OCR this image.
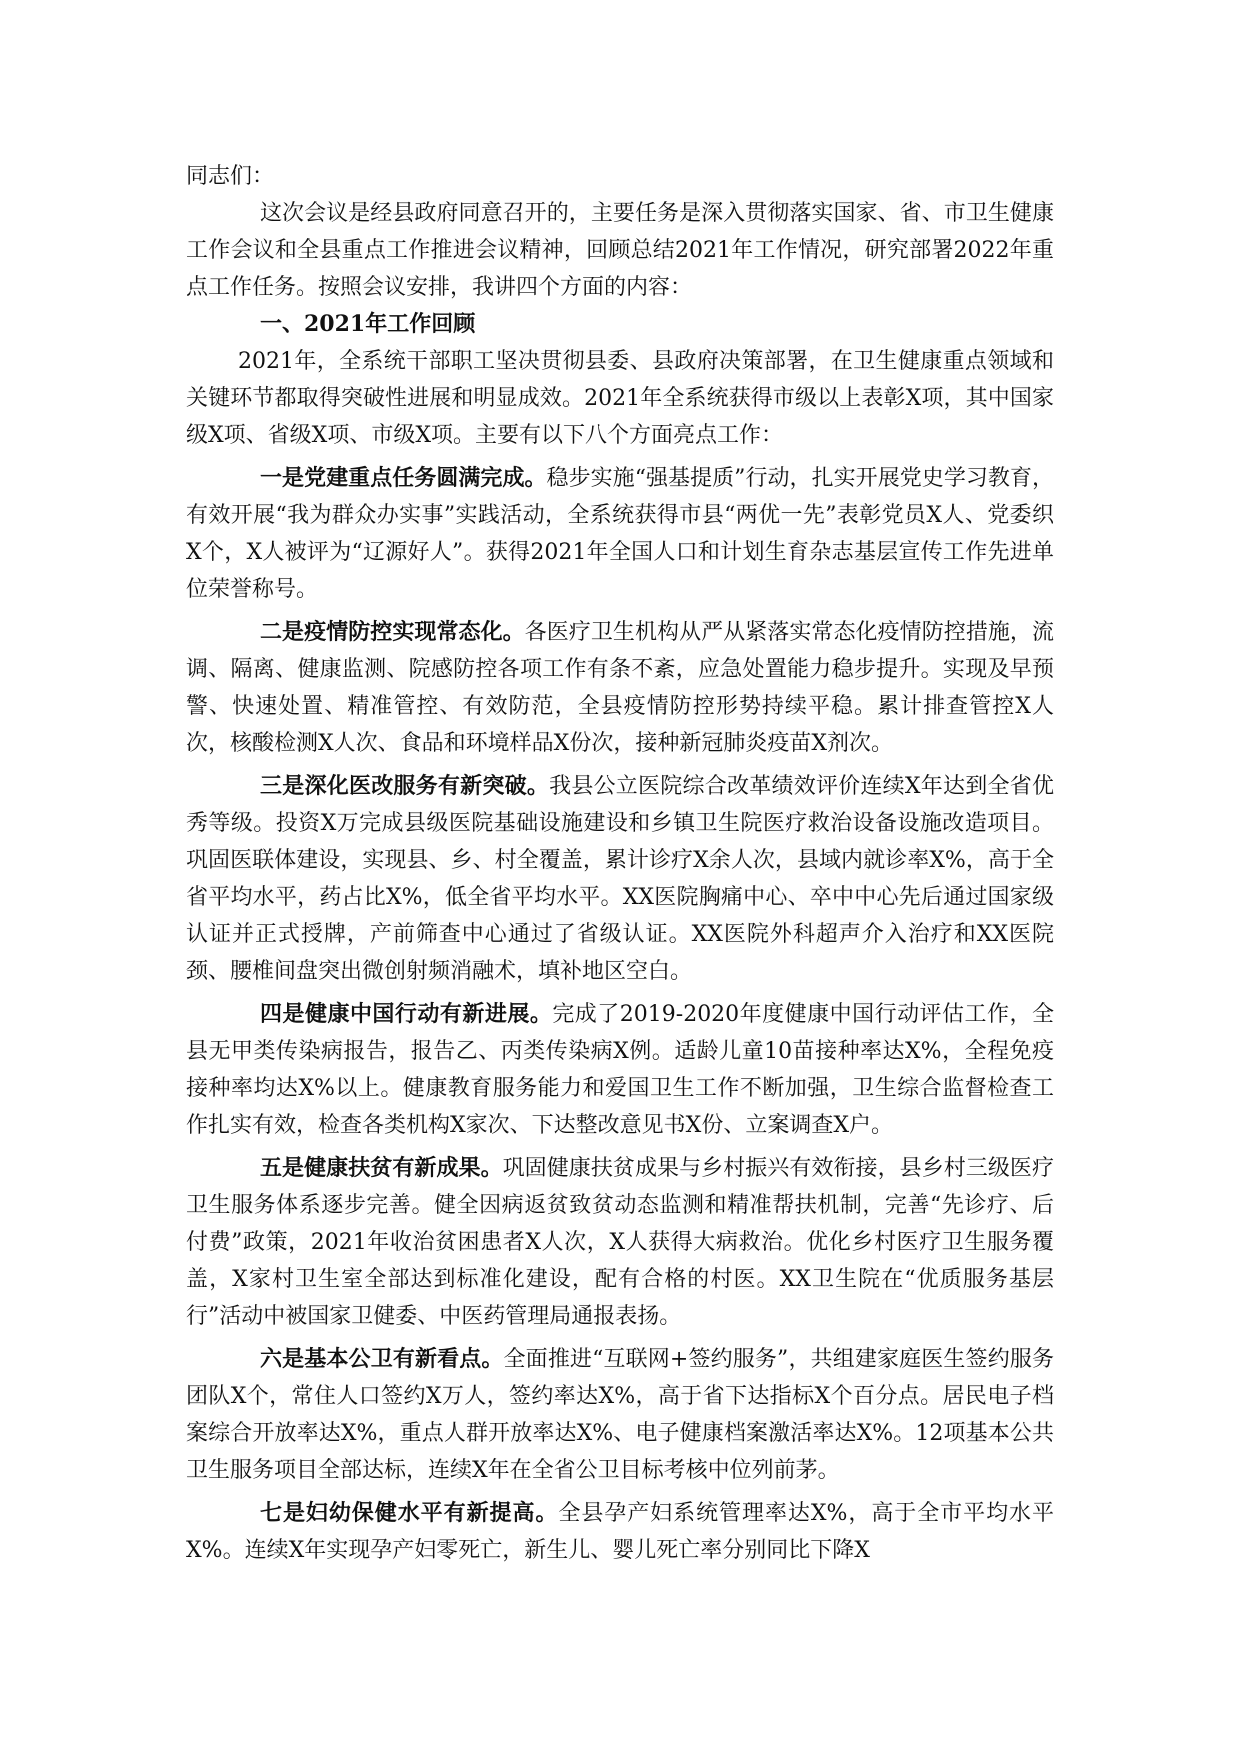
同志们：

这次会议是经县政府同意召开的，主要任务是深入贯彻落实国家、省、市卫生健康工作会议和全县重点工作推进会议精神，回顾总结2021年工作情况，研究部署2022年重点工作任务。按照会议安排，我讲四个方面的内容：

一、2021年工作回顾

2021年，全系统干部职工坚决贯彻县委、县政府决策部署，在卫生健康重点领域和关键环节都取得突破性进展和明显成效。2021年全系统获得市级以上表彰X项，其中国家级X项、省级X项、市级X项。主要有以下八个方面亮点工作：

一是党建重点任务圆满完成。稳步实施“强基提质”行动，扎实开展党史学习教育，有效开展“我为群众办实事”实践活动，全系统获得市县“两优一先”表彰党员X人、党委织X个，X人被评为“辽源好人”。获得2021年全国人口和计划生育杂志基层宣传工作先进单位荣誉称号。

二是疫情防控实现常态化。各医疗卫生机构从严从紧落实常态化疫情防控措施，流调、隔离、健康监测、院感防控各项工作有条不紊，应急处置能力稳步提升。实现及早预警、快速处置、精准管控、有效防范，全县疫情防控形势持续平稳。累计排查管控X人次，核酸检测X人次、食品和环境样品X份次，接种新冠肺炎疫苗X剂次。

三是深化医改服务有新突破。我县公立医院综合改革绩效评价连续X年达到全省优秀等级。投资X万完成县级医院基础设施建设和乡镇卫生院医疗救治设备设施改造项目。巩固医联体建设，实现县、乡、村全覆盖，累计诊疗X余人次，县域内就诊率X%，高于全省平均水平，药占比X%，低全省平均水平。XX医院胸痛中心、卒中中心先后通过国家级认证并正式授牌，产前筛查中心通过了省级认证。XX医院外科超声介入治疗和XX医院颈、腰椎间盘突出微创射频消融术，填补地区空白。

四是健康中国行动有新进展。完成了2019-2020年度健康中国行动评估工作，全县无甲类传染病报告，报告乙、丙类传染病X例。适龄儿童10苗接种率达X%，全程免疫接种率均达X%以上。健康教育服务能力和爱国卫生工作不断加强，卫生综合监督检查工作扎实有效，检查各类机构X家次、下达整改意见书X份、立案调查X户。

五是健康扶贫有新成果。巩固健康扶贫成果与乡村振兴有效衔接，县乡村三级医疗卫生服务体系逐步完善。健全因病返贫致贫动态监测和精准帮扶机制，完善“先诊疗、后付费”政策，2021年收治贫困患者X人次，X人获得大病救治。优化乡村医疗卫生服务覆盖，X家村卫生室全部达到标准化建设，配有合格的村医。XX卫生院在“优质服务基层行”活动中被国家卫健委、中医药管理局通报表扬。

六是基本公卫有新看点。全面推进“互联网+签约服务”，共组建家庭医生签约服务团队X个，常住人口签约X万人，签约率达X%，高于省下达指标X个百分点。居民电子档案综合开放率达X%，重点人群开放率达X%、电子健康档案激活率达X%。12项基本公共卫生服务项目全部达标，连续X年在全省公卫目标考核中位列前茅。

七是妇幼保健水平有新提高。全县孕产妇系统管理率达X%，高于全市平均水平X%。连续X年实现孕产妇零死亡，新生儿、婴儿死亡率分别同比下降X
